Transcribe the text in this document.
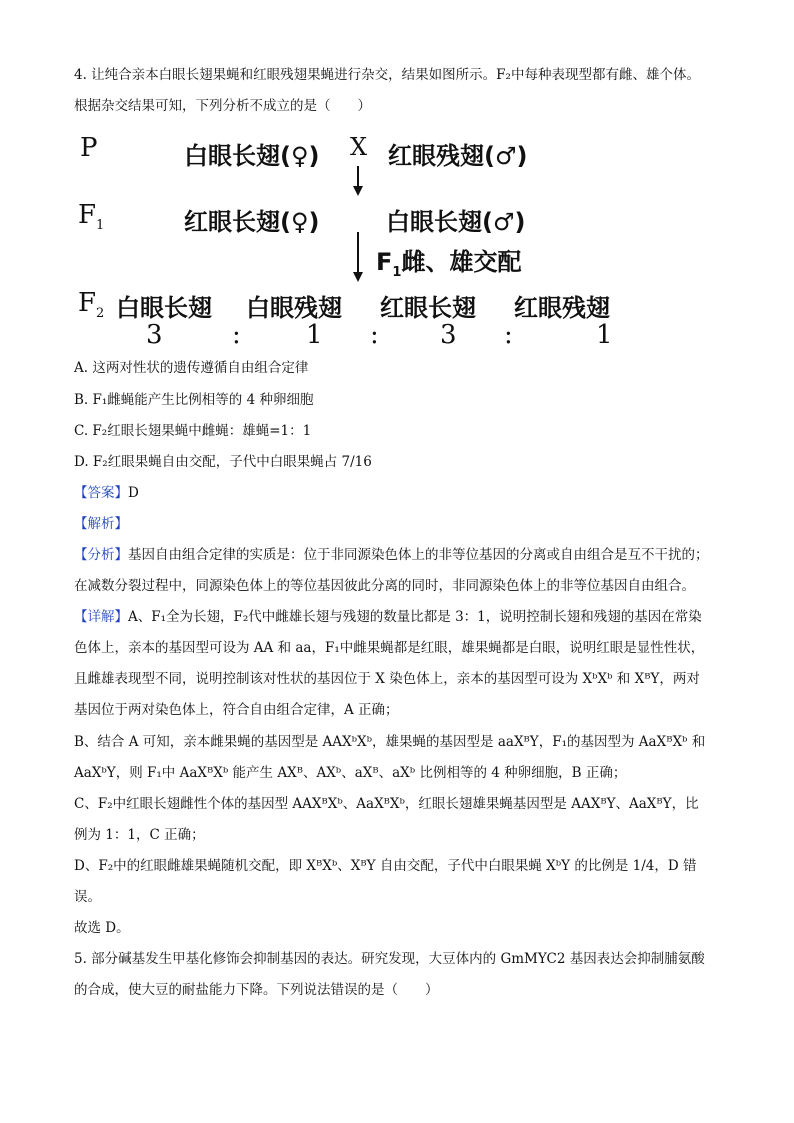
4. 让纯合亲本白眼长翅果蝇和红眼残翅果蝇进行杂交，结果如图所示。F₂中每种表现型都有雌、雄个体。
根据杂交结果可知，下列分析不成立的是（　　）
P	白眼长翅(♀) X 红眼残翅(♂)
$F_1$	红眼长翅(♀)	白眼长翅(♂)
$F_1$雌、雄交配
$F_2$ 白眼长翅 白眼残翅 红眼长翅 红眼残翅
3	:	1 : 3 :	1
A. 这两对性状的遗传遵循自由组合定律
B. F₁雌蝇能产生比例相等的 4 种卵细胞
C. F₂红眼长翅果蝇中雌蝇：雄蝇=1：1
D. F₂红眼果蝇自由交配，子代中白眼果蝇占 7/16
【答案】D
【解析】
【分析】基因自由组合定律的实质是：位于非同源染色体上的非等位基因的分离或自由组合是互不干扰的；
在减数分裂过程中，同源染色体上的等位基因彼此分离的同时，非同源染色体上的非等位基因自由组合。
【详解】A、F₁全为长翅，F₂代中雌雄长翅与残翅的数量比都是 3：1，说明控制长翅和残翅的基因在常染
色体上，亲本的基因型可设为 AA 和 aa，F₁中雌果蝇都是红眼，雄果蝇都是白眼，说明红眼是显性性状，
且雌雄表现型不同，说明控制该对性状的基因位于 X 染色体上，亲本的基因型可设为 XᵇXᵇ 和 XᴮY，两对
基因位于两对染色体上，符合自由组合定律，A 正确；
B、结合 A 可知，亲本雌果蝇的基因型是 AAXᵇXᵇ，雄果蝇的基因型是 aaXᴮY，F₁的基因型为 AaXᴮXᵇ 和
AaXᵇY，则 F₁中 AaXᴮXᵇ 能产生 AXᴮ、AXᵇ、aXᴮ、aXᵇ 比例相等的 4 种卵细胞，B 正确；
C、F₂中红眼长翅雌性个体的基因型 AAXᴮXᵇ、AaXᴮXᵇ，红眼长翅雄果蝇基因型是 AAXᴮY、AaXᴮY，比
例为 1：1，C 正确；
D、F₂中的红眼雌雄果蝇随机交配，即 XᴮXᵇ、XᴮY 自由交配，子代中白眼果蝇 XᵇY 的比例是 1/4，D 错
误。
故选 D。
5. 部分碱基发生甲基化修饰会抑制基因的表达。研究发现，大豆体内的 GmMYC2 基因表达会抑制脯氨酸
的合成，使大豆的耐盐能力下降。下列说法错误的是（　　）
